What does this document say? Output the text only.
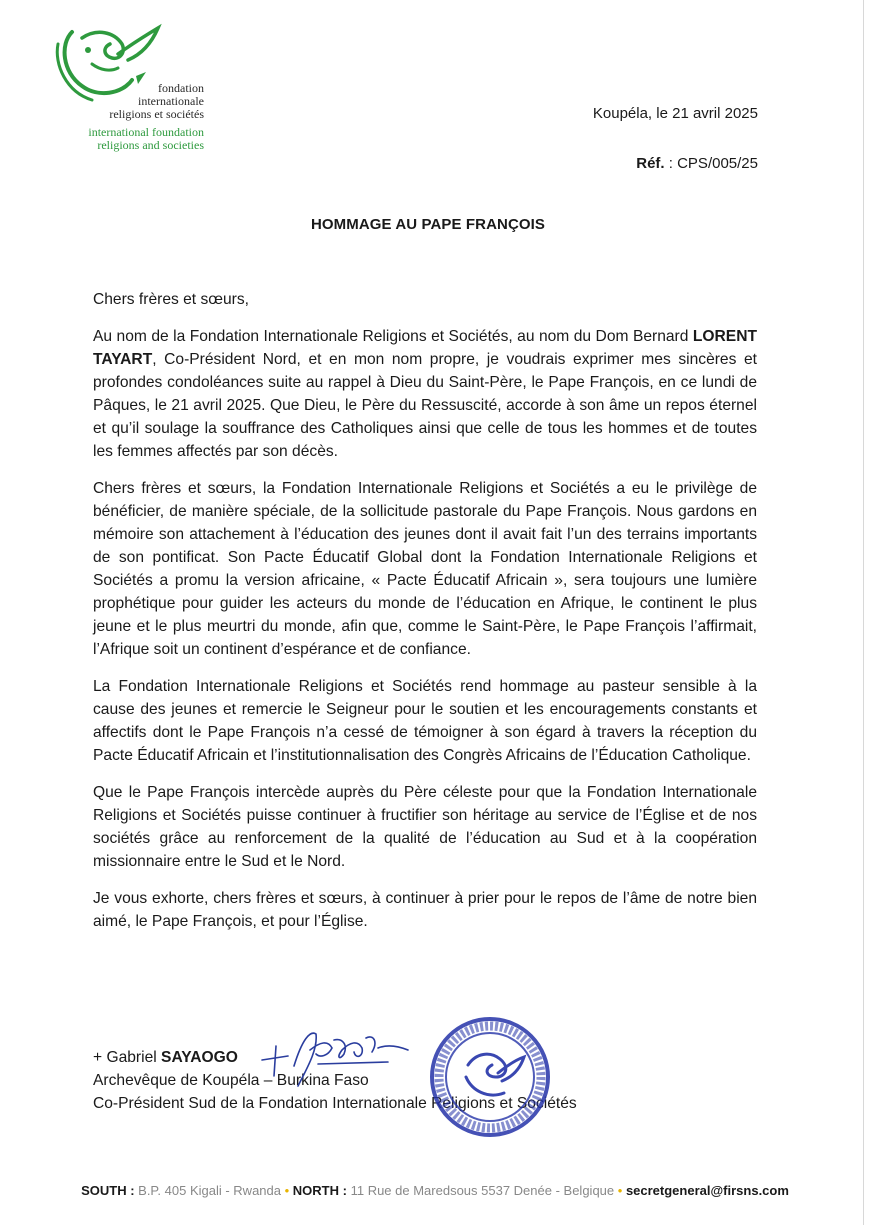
fondation
internationale
religions et sociétés
international foundation
religions and societies
Koupéla, le 21 avril 2025
Réf. : CPS/005/25
HOMMAGE AU PAPE FRANÇOIS

Chers frères et sœurs,

Au nom de la Fondation Internationale Religions et Sociétés, au nom du Dom Bernard LORENT TAYART, Co-Président Nord, et en mon nom propre, je voudrais exprimer mes sincères et profondes condoléances suite au rappel à Dieu du Saint-Père, le Pape François, en ce lundi de Pâques, le 21 avril 2025. Que Dieu, le Père du Ressuscité, accorde à son âme un repos éternel et qu’il soulage la souffrance des Catholiques ainsi que celle de tous les hommes et de toutes les femmes affectés par son décès.

Chers frères et sœurs, la Fondation Internationale Religions et Sociétés a eu le privilège de bénéficier, de manière spéciale, de la sollicitude pastorale du Pape François. Nous gardons en mémoire son attachement à l’éducation des jeunes dont il avait fait l’un des terrains importants de son pontificat. Son Pacte Éducatif Global dont la Fondation Internationale Religions et Sociétés a promu la version africaine, « Pacte Éducatif Africain », sera toujours une lumière prophétique pour guider les acteurs du monde de l’éducation en Afrique, le continent le plus jeune et le plus meurtri du monde, afin que, comme le Saint-Père, le Pape François l’affirmait, l’Afrique soit un continent d’espérance et de confiance.

La Fondation Internationale Religions et Sociétés rend hommage au pasteur sensible à la cause des jeunes et remercie le Seigneur pour le soutien et les encouragements constants et affectifs dont le Pape François n’a cessé de témoigner à son égard à travers la réception du Pacte Éducatif Africain et l’institutionnalisation des Congrès Africains de l’Éducation Catholique.

Que le Pape François intercède auprès du Père céleste pour que la Fondation Internationale Religions et Sociétés puisse continuer à fructifier son héritage au service de l’Église et de nos sociétés grâce au renforcement de la qualité de l’éducation au Sud et à la coopération missionnaire entre le Sud et le Nord.

Je vous exhorte, chers frères et sœurs, à continuer à prier pour le repos de l’âme de notre bien aimé, le Pape François, et pour l’Église.

+ Gabriel SAYAOGO
Archevêque de Koupéla – Burkina Faso
Co-Président Sud de la Fondation Internationale Religions et Sociétés
SOUTH : B.P. 405 Kigali - Rwanda • NORTH : 11 Rue de Maredsous 5537 Denée - Belgique • secretgeneral@firsns.com
